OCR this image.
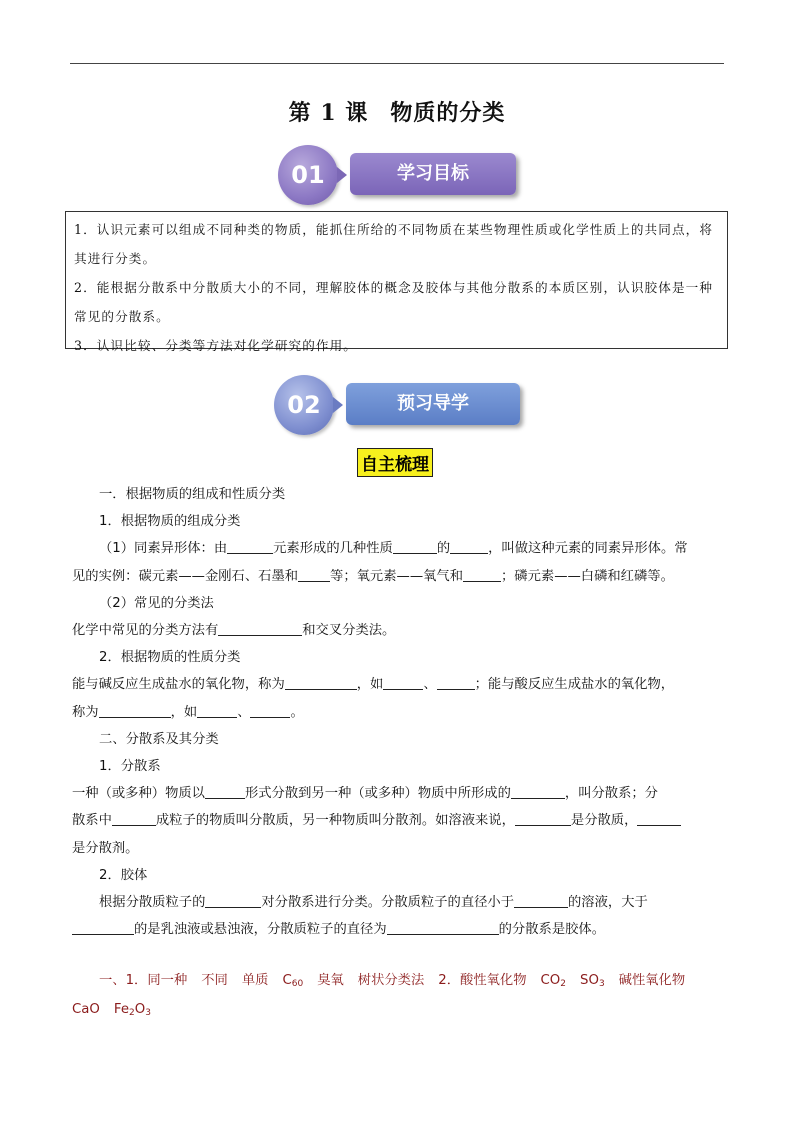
第 1 课 物质的分类
01	学习目标

1．认识元素可以组成不同种类的物质，能抓住所给的不同物质在某些物理性质或化学性质上的共同点，将

其进行分类。

2．能根据分散系中分散质大小的不同，理解胶体的概念及胶体与其他分散系的本质区别，认识胶体是一种

常见的分散系。

3．认识比较、分类等方法对化学研究的作用。

02	预习导学
自主梳理

一．根据物质的组成和性质分类

1．根据物质的组成分类

（1）同素异形体：由	元素形成的几种性质	的	，叫做这种元素的同素异形体。常

见的实例：碳元素——金刚石、石墨和 等；氧元素——氧气和	；磷元素——白磷和红磷等。

（2）常见的分类法

化学中常见的分类方法有	和交叉分类法。

2．根据物质的性质分类

能与碱反应生成盐水的氧化物，称为	，如	、	；能与酸反应生成盐水的氧化物，

称为	，如	、	。

二、分散系及其分类

1．分散系

一种（或多种）物质以	形式分散到另一种（或多种）物质中所形成的	，叫分散系；分

散系中	成粒子的物质叫分散质，另一种物质叫分散剂。如溶液来说，	是分散质，

是分散剂。

2．胶体

根据分散质粒子的	对分散系进行分类。分散质粒子的直径小于	的溶液，大于

的是乳浊液或悬浊液，分散质粒子的直径为	的分散系是胶体。

一、1．同一种 不同 单质 $C_{60}$ 臭氧 树状分类法 2．酸性氧化物 $CO_2$ $SO_3$ 碱性氧化物

CaO $Fe_2O_3$
